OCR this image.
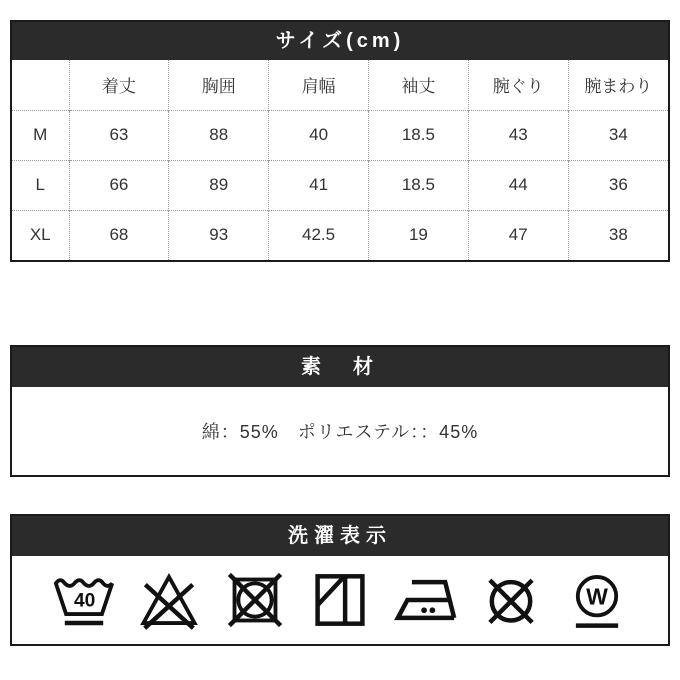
サイズ(cm)
	着丈	胸囲	肩幅	袖丈	腕ぐり	腕まわり
M	63	88	40	18.5	43	34
L	66	89	41	18.5	44	36
XL	68	93	42.5	19	47	38
素　材
綿：55%　ポリエステル：：45%
洗濯表示
40	W
